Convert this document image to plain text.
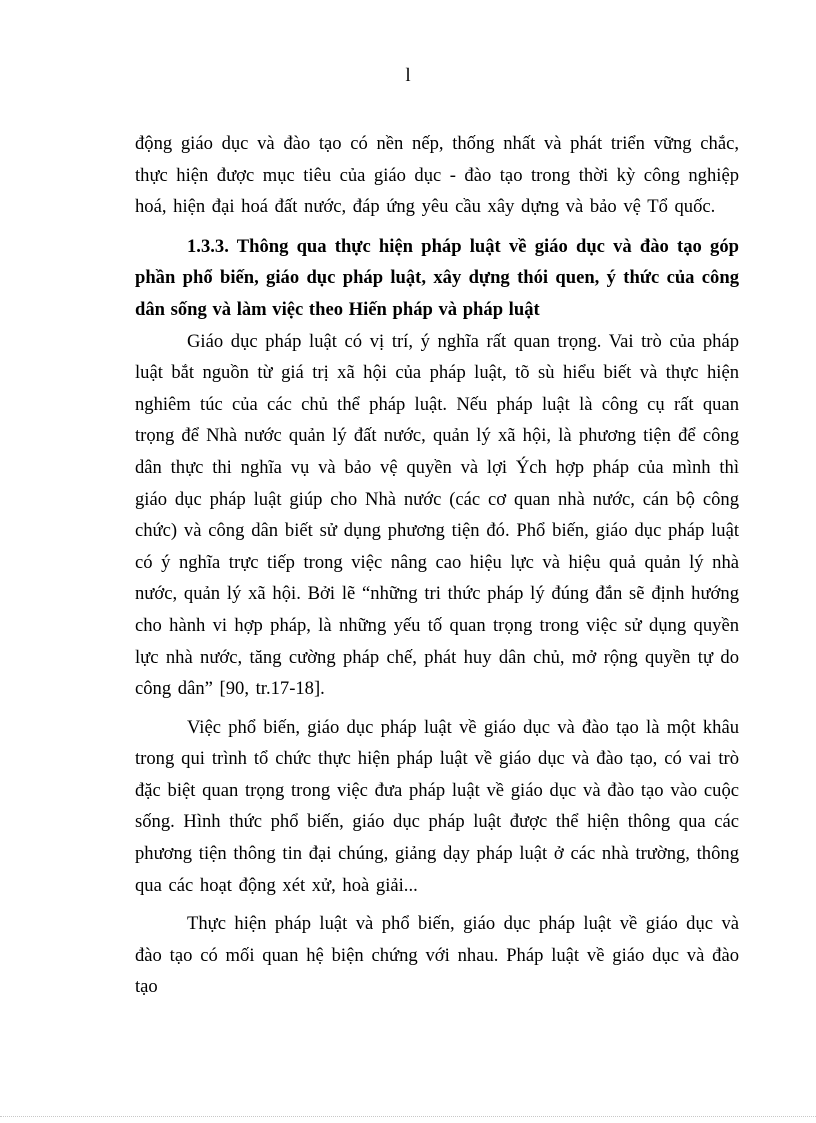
l

động giáo dục và đào tạo có nền nếp, thống nhất và phát triển vững chắc, thực hiện được mục tiêu của giáo dục - đào tạo trong thời kỳ công nghiệp hoá, hiện đại hoá đất nước, đáp ứng yêu cầu xây dựng và bảo vệ Tổ quốc.

1.3.3. Thông qua thực hiện pháp luật về giáo dục và đào tạo góp phần phổ biến, giáo dục pháp luật, xây dựng thói quen, ý thức của công dân sống và làm việc theo Hiến pháp và pháp luật

Giáo dục pháp luật có vị trí, ý nghĩa rất quan trọng. Vai trò của pháp luật bắt nguồn từ giá trị xã hội của pháp luật, tõ sù hiểu biết và thực hiện nghiêm túc của các chủ thể pháp luật. Nếu pháp luật là công cụ rất quan trọng để Nhà nước quản lý đất nước, quản lý xã hội, là phương tiện để công dân thực thi nghĩa vụ và bảo vệ quyền và lợi Ých hợp pháp của mình thì giáo dục pháp luật giúp cho Nhà nước (các cơ quan nhà nước, cán bộ công chức) và công dân biết sử dụng phương tiện đó. Phổ biến, giáo dục pháp luật có ý nghĩa trực tiếp trong việc nâng cao hiệu lực và hiệu quả quản lý nhà nước, quản lý xã hội. Bởi lẽ “những tri thức pháp lý đúng đắn sẽ định hướng cho hành vi hợp pháp, là những yếu tố quan trọng trong việc sử dụng quyền lực nhà nước, tăng cường pháp chế, phát huy dân chủ, mở rộng quyền tự do công dân” [90, tr.17-18].

Việc phổ biến, giáo dục pháp luật về giáo dục và đào tạo là một khâu trong qui trình tổ chức thực hiện pháp luật về giáo dục và đào tạo, có vai trò đặc biệt quan trọng trong việc đưa pháp luật về giáo dục và đào tạo vào cuộc sống. Hình thức phổ biến, giáo dục pháp luật được thể hiện thông qua các phương tiện thông tin đại chúng, giảng dạy pháp luật ở các nhà trường, thông qua các hoạt động xét xử, hoà giải...

Thực hiện pháp luật và phổ biến, giáo dục pháp luật về giáo dục và đào tạo có mối quan hệ biện chứng với nhau. Pháp luật về giáo dục và đào tạo
